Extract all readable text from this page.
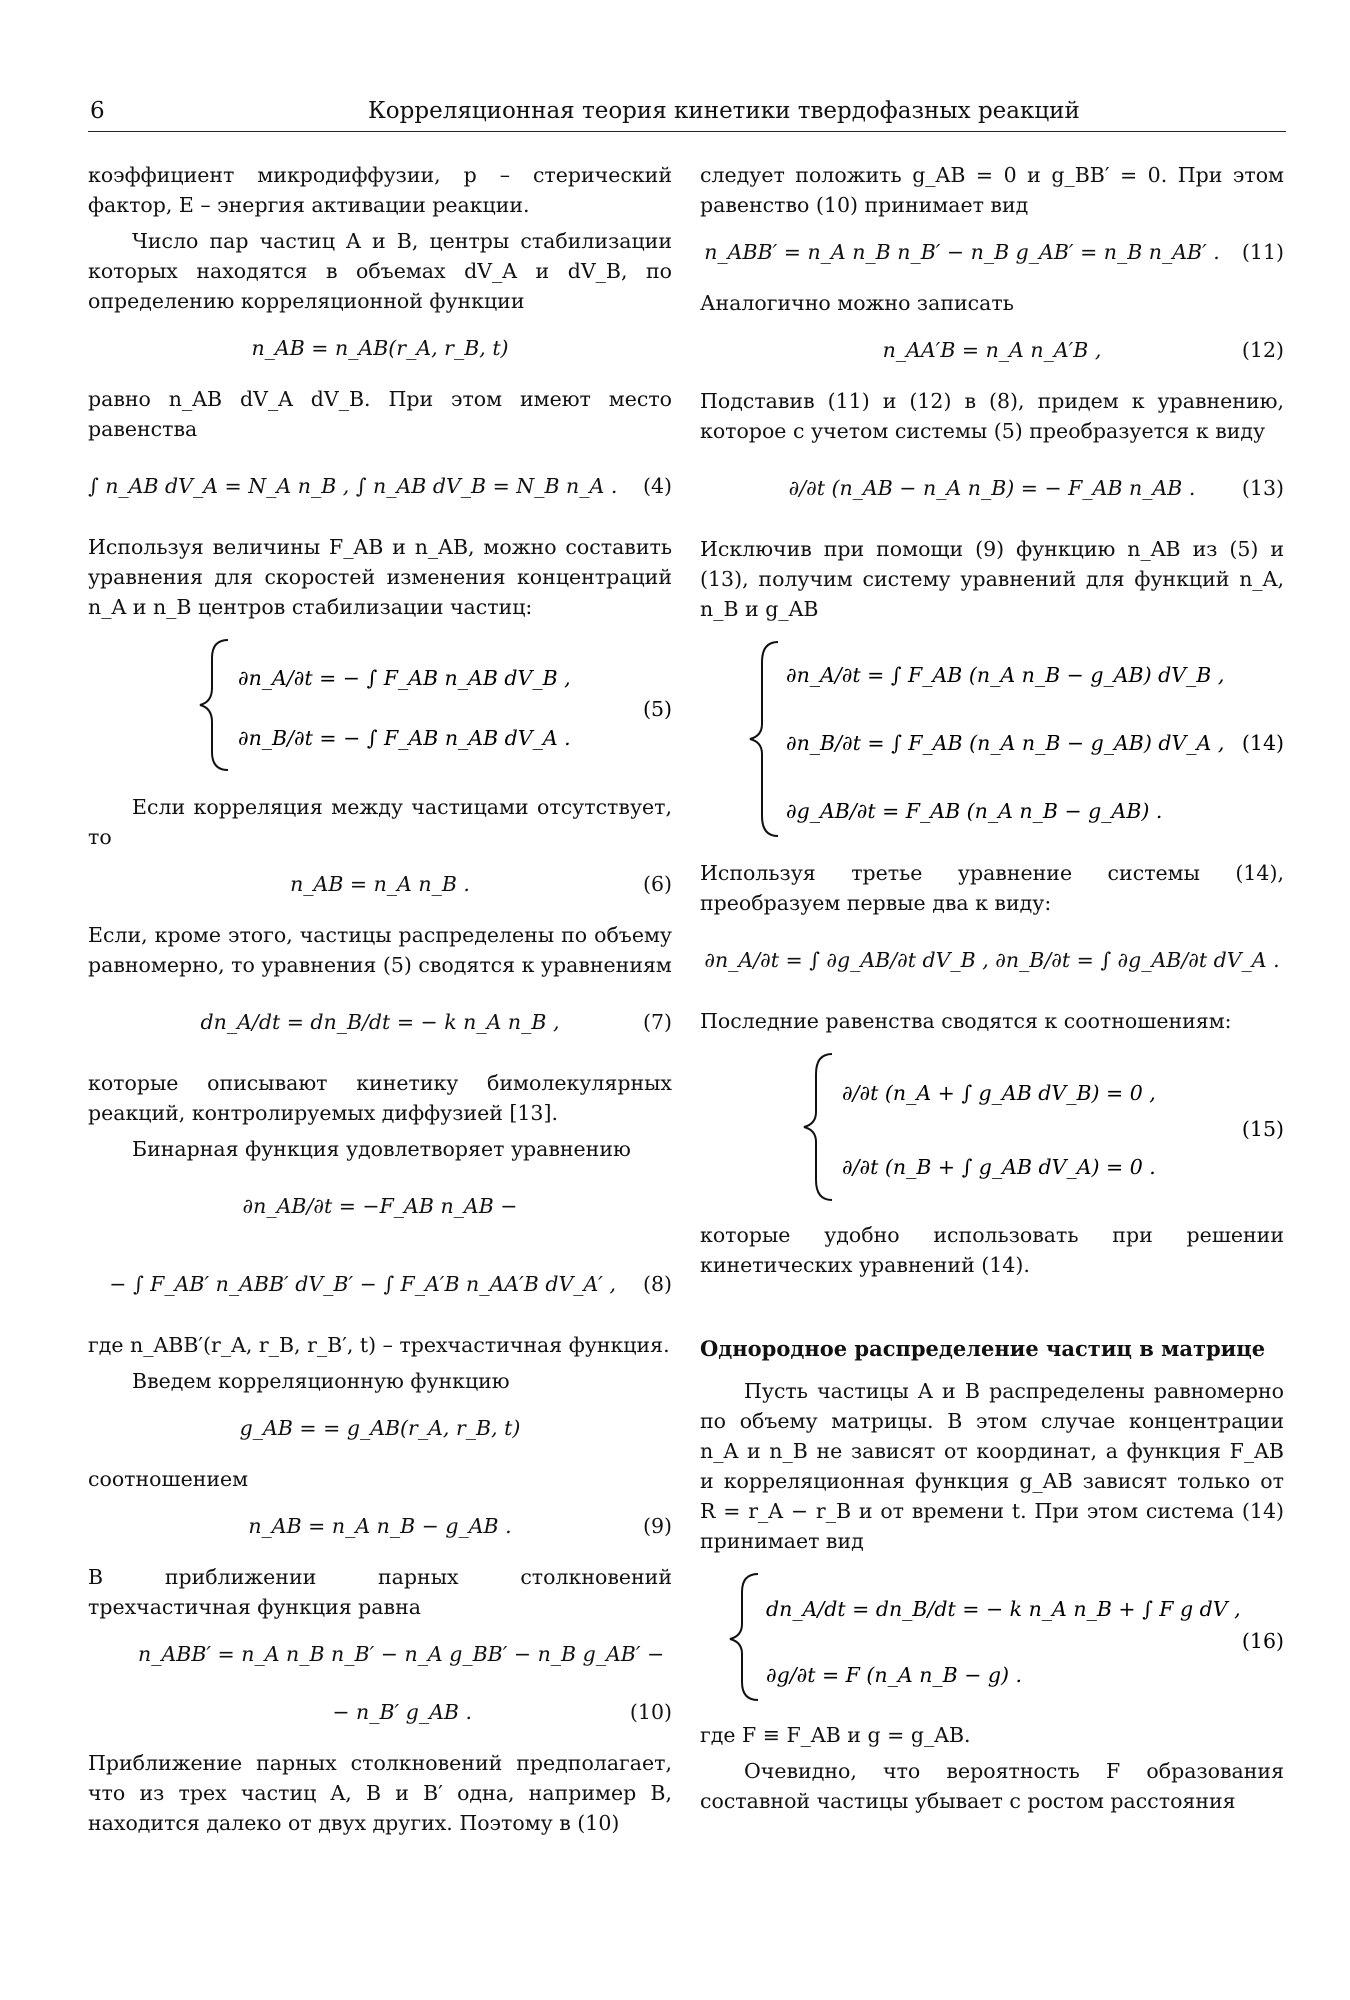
6	Корреляционная теория кинетики твердофазных реакций

коэффициент микродиффузии, p – стерический фактор, E – энергия активации реакции.

Число пар частиц A и B, центры стабилизации которых находятся в объемах dV_A и dV_B, по определению корреляционной функции

n_AB = n_AB(r_A, r_B, t)

равно n_AB dV_A dV_B. При этом имеют место равенства

∫ n_AB dV_A = N_A n_B , ∫ n_AB dV_B = N_B n_A . (4)

Используя величины F_AB и n_AB, можно составить уравнения для скоростей изменения концентраций n_A и n_B центров стабилизации частиц:

∂n_A/∂t = − ∫ F_AB n_AB dV_B ,
∂n_B/∂t = − ∫ F_AB n_AB dV_A .
(5)

Если корреляция между частицами отсутствует, то

n_AB = n_A n_B .	(6)

Если, кроме этого, частицы распределены по объему равномерно, то уравнения (5) сводятся к уравнениям

dn_A/dt = dn_B/dt = − k n_A n_B ,	(7)

которые описывают кинетику бимолекулярных реакций, контролируемых диффузией [13].

Бинарная функция удовлетворяет уравнению

∂n_AB/∂t = −F_AB n_AB −
− ∫ F_AB′ n_ABB′ dV_B′ − ∫ F_A′B n_AA′B dV_A′ , (8)

где n_ABB′(r_A, r_B, r_B′, t) – трехчастичная функция.

Введем корреляционную функцию

g_AB = = g_AB(r_A, r_B, t)

соотношением

n_AB = n_A n_B − g_AB .	(9)

В приближении парных столкновений трехчастичная функция равна

n_ABB′ = n_A n_B n_B′ − n_A g_BB′ − n_B g_AB′ −
− n_B′ g_AB .	(10)

Приближение парных столкновений предполагает, что из трех частиц A, B и B′ одна, например B, находится далеко от двух других. Поэтому в (10)

следует положить g_AB = 0 и g_BB′ = 0. При этом равенство (10) принимает вид

n_ABB′ = n_A n_B n_B′ − n_B g_AB′ = n_B n_AB′ . (11)

Аналогично можно записать

n_AA′B = n_A n_A′B ,	(12)

Подставив (11) и (12) в (8), придем к уравнению, которое с учетом системы (5) преобразуется к виду

∂/∂t (n_AB − n_A n_B) = − F_AB n_AB .	(13)

Исключив при помощи (9) функцию n_AB из (5) и (13), получим систему уравнений для функций n_A, n_B и g_AB

∂n_A/∂t = ∫ F_AB (n_A n_B − g_AB) dV_B ,
∂n_B/∂t = ∫ F_AB (n_A n_B − g_AB) dV_A ,
∂g_AB/∂t = F_AB (n_A n_B − g_AB) .
(14)

Используя третье уравнение системы (14), преобразуем первые два к виду:

∂n_A/∂t = ∫ ∂g_AB/∂t dV_B , ∂n_B/∂t = ∫ ∂g_AB/∂t dV_A .

Последние равенства сводятся к соотношениям:

∂/∂t (n_A + ∫ g_AB dV_B) = 0 ,
∂/∂t (n_B + ∫ g_AB dV_A) = 0 .
(15)

которые удобно использовать при решении кинетических уравнений (14).

Однородное распределение частиц в матрице

Пусть частицы A и B распределены равномерно по объему матрицы. В этом случае концентрации n_A и n_B не зависят от координат, а функция F_AB и корреляционная функция g_AB зависят только от R = r_A − r_B и от времени t. При этом система (14) принимает вид

dn_A/dt = dn_B/dt = − k n_A n_B + ∫ F g dV ,
∂g/∂t = F (n_A n_B − g) .
(16)

где F ≡ F_AB и g = g_AB.

Очевидно, что вероятность F образования составной частицы убывает с ростом расстояния
